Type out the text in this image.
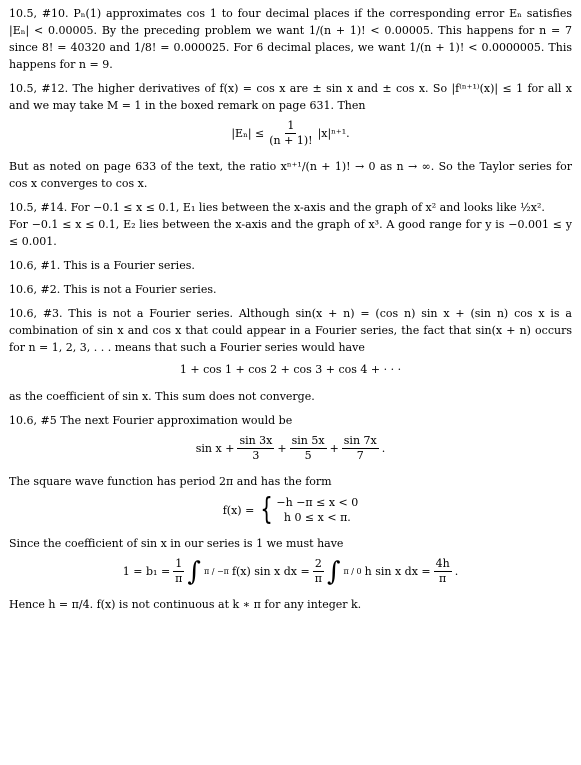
10.5, #10. Pₙ(1) approximates cos 1 to four decimal places if the corresponding error Eₙ satisfies |Eₙ| < 0.00005. By the preceding problem we want 1/(n + 1)! < 0.00005. This happens for n = 7 since 8! = 40320 and 1/8! = 0.000025. For 6 decimal places, we want 1/(n + 1)! < 0.0000005. This happens for n = 9.

10.5, #12. The higher derivatives of f(x) = cos x are ± sin x and ± cos x. So |f⁽ⁿ⁺¹⁾(x)| ≤ 1 for all x and we may take M = 1 in the boxed remark on page 631. Then

$|E_n| \le \frac{1}{(n + 1)!} |x|^{n+1}$.

But as noted on page 633 of the text, the ratio xⁿ⁺¹/(n + 1)! → 0 as n → ∞. So the Taylor series for cos x converges to cos x.

10.5, #14. For −0.1 ≤ x ≤ 0.1, E₁ lies between the x-axis and the graph of x² and looks like ½x².

For −0.1 ≤ x ≤ 0.1, E₂ lies between the x-axis and the graph of x³. A good range for y is −0.001 ≤ y ≤ 0.001.

10.6, #1. This is a Fourier series.

10.6, #2. This is not a Fourier series.

10.6, #3. This is not a Fourier series. Although sin(x + n) = (cos n) sin x + (sin n) cos x is a combination of sin x and cos x that could appear in a Fourier series, the fact that sin(x + n) occurs for n = 1, 2, 3, . . . means that such a Fourier series would have

1 + cos 1 + cos 2 + cos 3 + cos 4 + · · ·

as the coefficient of sin x. This sum does not converge.

10.6, #5 The next Fourier approximation would be

$\sin x + \frac{\sin 3x}{3} + \frac{\sin 5x}{5} + \frac{\sin 7x}{7}$ .

The square wave function has period 2π and has the form

f(x) = { −h −π ≤ x < 0
h 0 ≤ x < π.

Since the coefficient of sin x in our series is 1 we must have

$1 = b_1 = \frac{1}{\pi}$ ∫ π / −π f(x) sin x dx = $\frac{2}{\pi}$ ∫ π / 0 h sin x dx = $\frac{4h}{\pi}$ .

Hence h = π/4. f(x) is not continuous at k ∗ π for any integer k.
